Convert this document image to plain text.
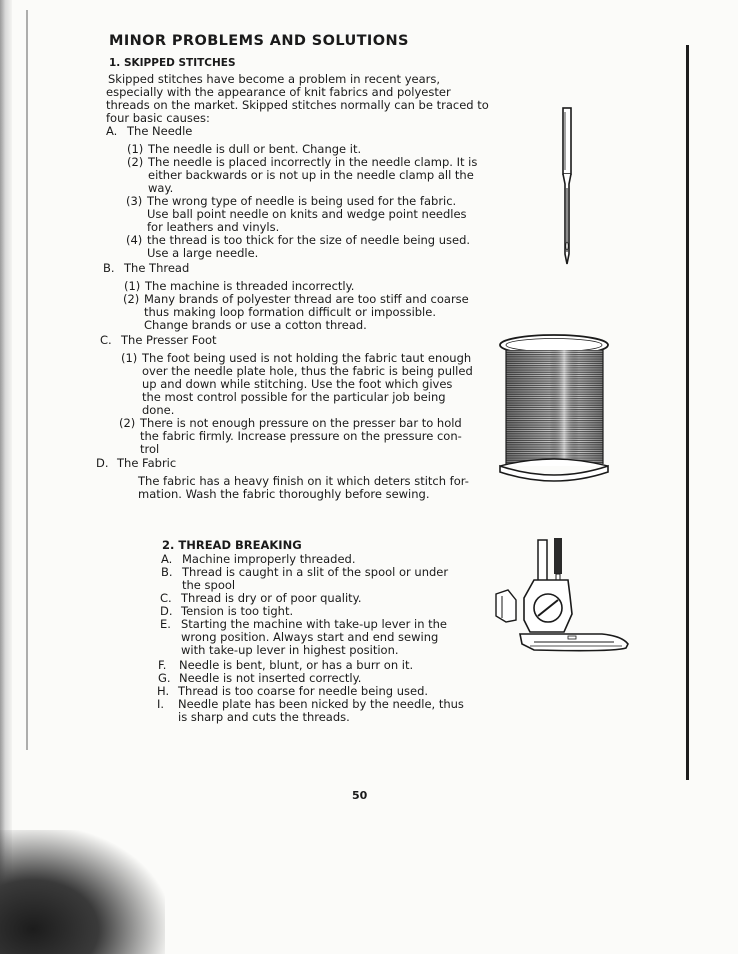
MINOR PROBLEMS AND SOLUTIONS
1. SKIPPED STITCHES
Skipped stitches have become a problem in recent years,
especially with the appearance of knit fabrics and polyester
threads on the market. Skipped stitches normally can be traced to
four basic causes:
A. The Needle
(1) The needle is dull or bent. Change it.
(2) The needle is placed incorrectly in the needle clamp. It is
either backwards or is not up in the needle clamp all the
way.
(3) The wrong type of needle is being used for the fabric.
Use ball point needle on knits and wedge point needles
for leathers and vinyls.
(4) the thread is too thick for the size of needle being used.
Use a large needle.
B. The Thread
(1) The machine is threaded incorrectly.
(2) Many brands of polyester thread are too stiff and coarse
thus making loop formation difficult or impossible.
Change brands or use a cotton thread.
C. The Presser Foot
(1) The foot being used is not holding the fabric taut enough
over the needle plate hole, thus the fabric is being pulled
up and down while stitching. Use the foot which gives
the most control possible for the particular job being
done.
(2) There is not enough pressure on the presser bar to hold
the fabric firmly. Increase pressure on the pressure con-
trol
D. The Fabric
The fabric has a heavy finish on it which deters stitch for-
mation. Wash the fabric thoroughly before sewing.
2. THREAD BREAKING
A. Machine improperly threaded.
B. Thread is caught in a slit of the spool or under
the spool
C. Thread is dry or of poor quality.
D. Tension is too tight.
E. Starting the machine with take-up lever in the
wrong position. Always start and end sewing
with take-up lever in highest position.
F. Needle is bent, blunt, or has a burr on it.
G. Needle is not inserted correctly.
H. Thread is too coarse for needle being used.
I. Needle plate has been nicked by the needle, thus
is sharp and cuts the threads.
50
